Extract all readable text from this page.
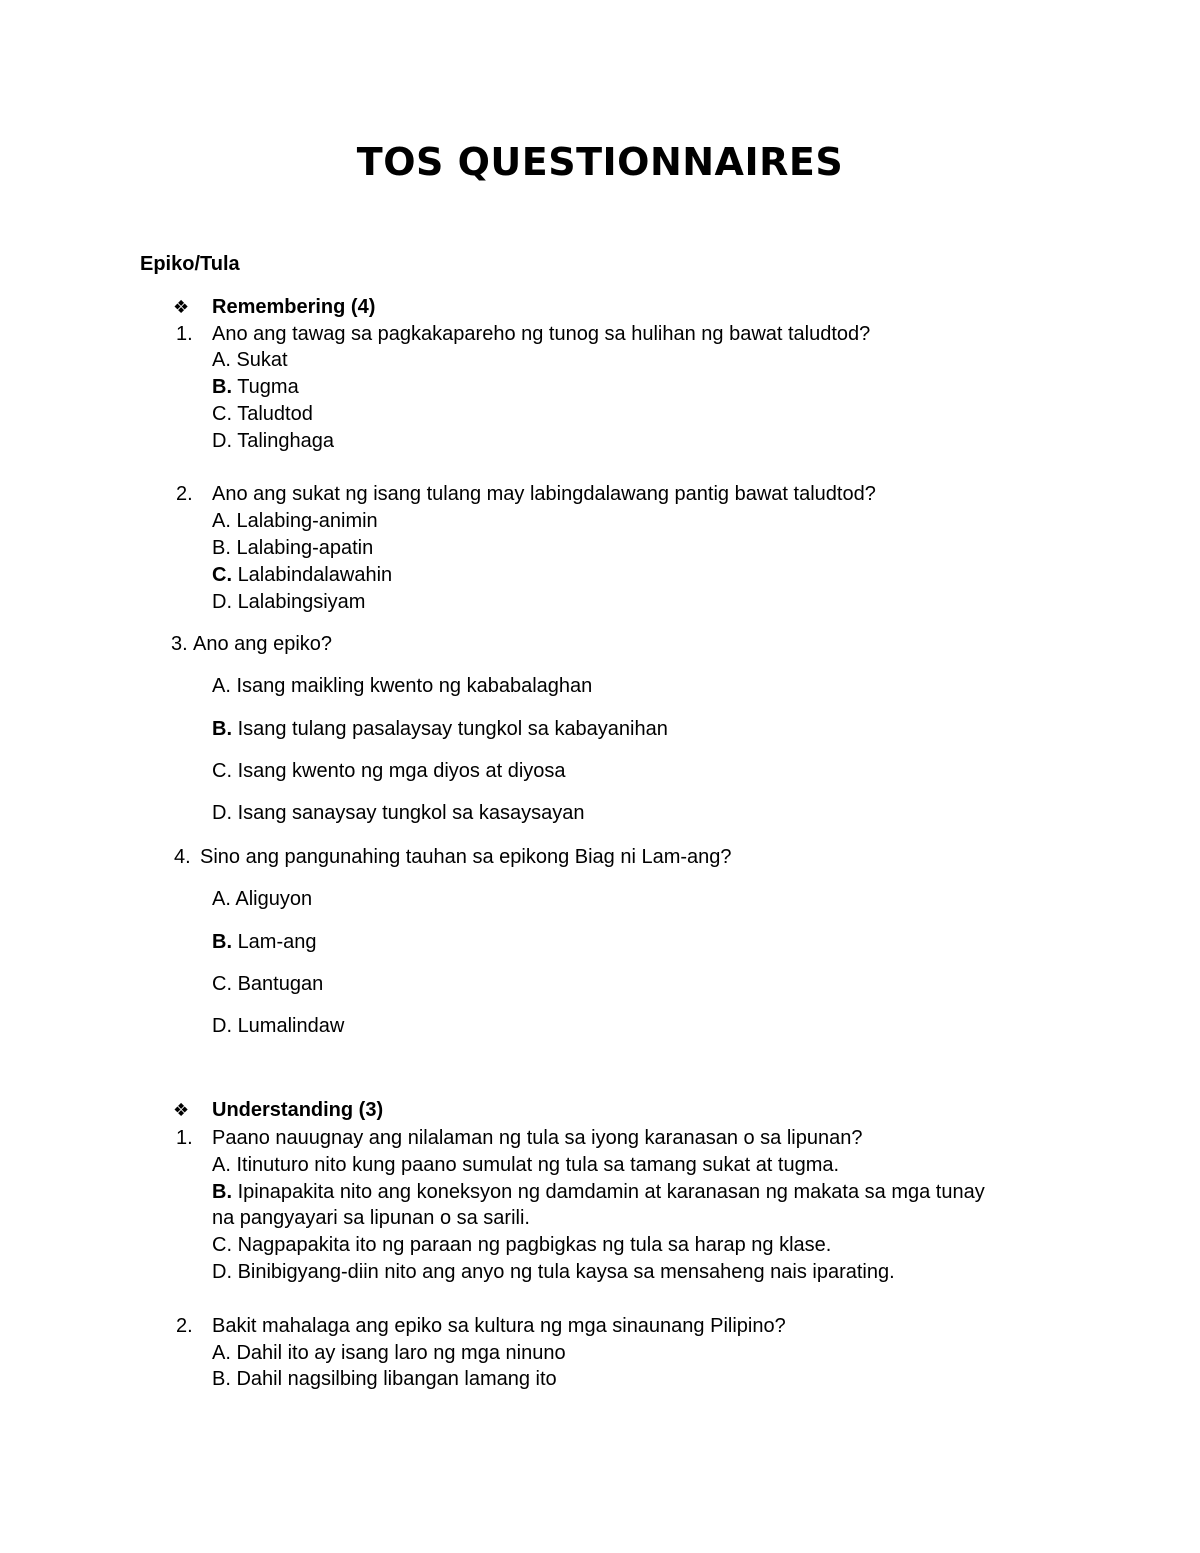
TOS QUESTIONNAIRES
Epiko/Tula
❖	Remembering (4)
1. Ano ang tawag sa pagkakapareho ng tunog sa hulihan ng bawat taludtod?
A. Sukat
B. Tugma
C. Taludtod
D. Talinghaga
2. Ano ang sukat ng isang tulang may labingdalawang pantig bawat taludtod?
A. Lalabing-animin
B. Lalabing-apatin
C. Lalabindalawahin
D. Lalabingsiyam
3. Ano ang epiko?
A. Isang maikling kwento ng kababalaghan
B. Isang tulang pasalaysay tungkol sa kabayanihan
C. Isang kwento ng mga diyos at diyosa
D. Isang sanaysay tungkol sa kasaysayan
4. Sino ang pangunahing tauhan sa epikong Biag ni Lam-ang?
A. Aliguyon
B. Lam-ang
C. Bantugan
D. Lumalindaw
❖	Understanding (3)
1. Paano nauugnay ang nilalaman ng tula sa iyong karanasan o sa lipunan?
A. Itinuturo nito kung paano sumulat ng tula sa tamang sukat at tugma.
B. Ipinapakita nito ang koneksyon ng damdamin at karanasan ng makata sa mga tunay
na pangyayari sa lipunan o sa sarili.
C. Nagpapakita ito ng paraan ng pagbigkas ng tula sa harap ng klase.
D. Binibigyang-diin nito ang anyo ng tula kaysa sa mensaheng nais iparating.
2. Bakit mahalaga ang epiko sa kultura ng mga sinaunang Pilipino?
A. Dahil ito ay isang laro ng mga ninuno
B. Dahil nagsilbing libangan lamang ito
